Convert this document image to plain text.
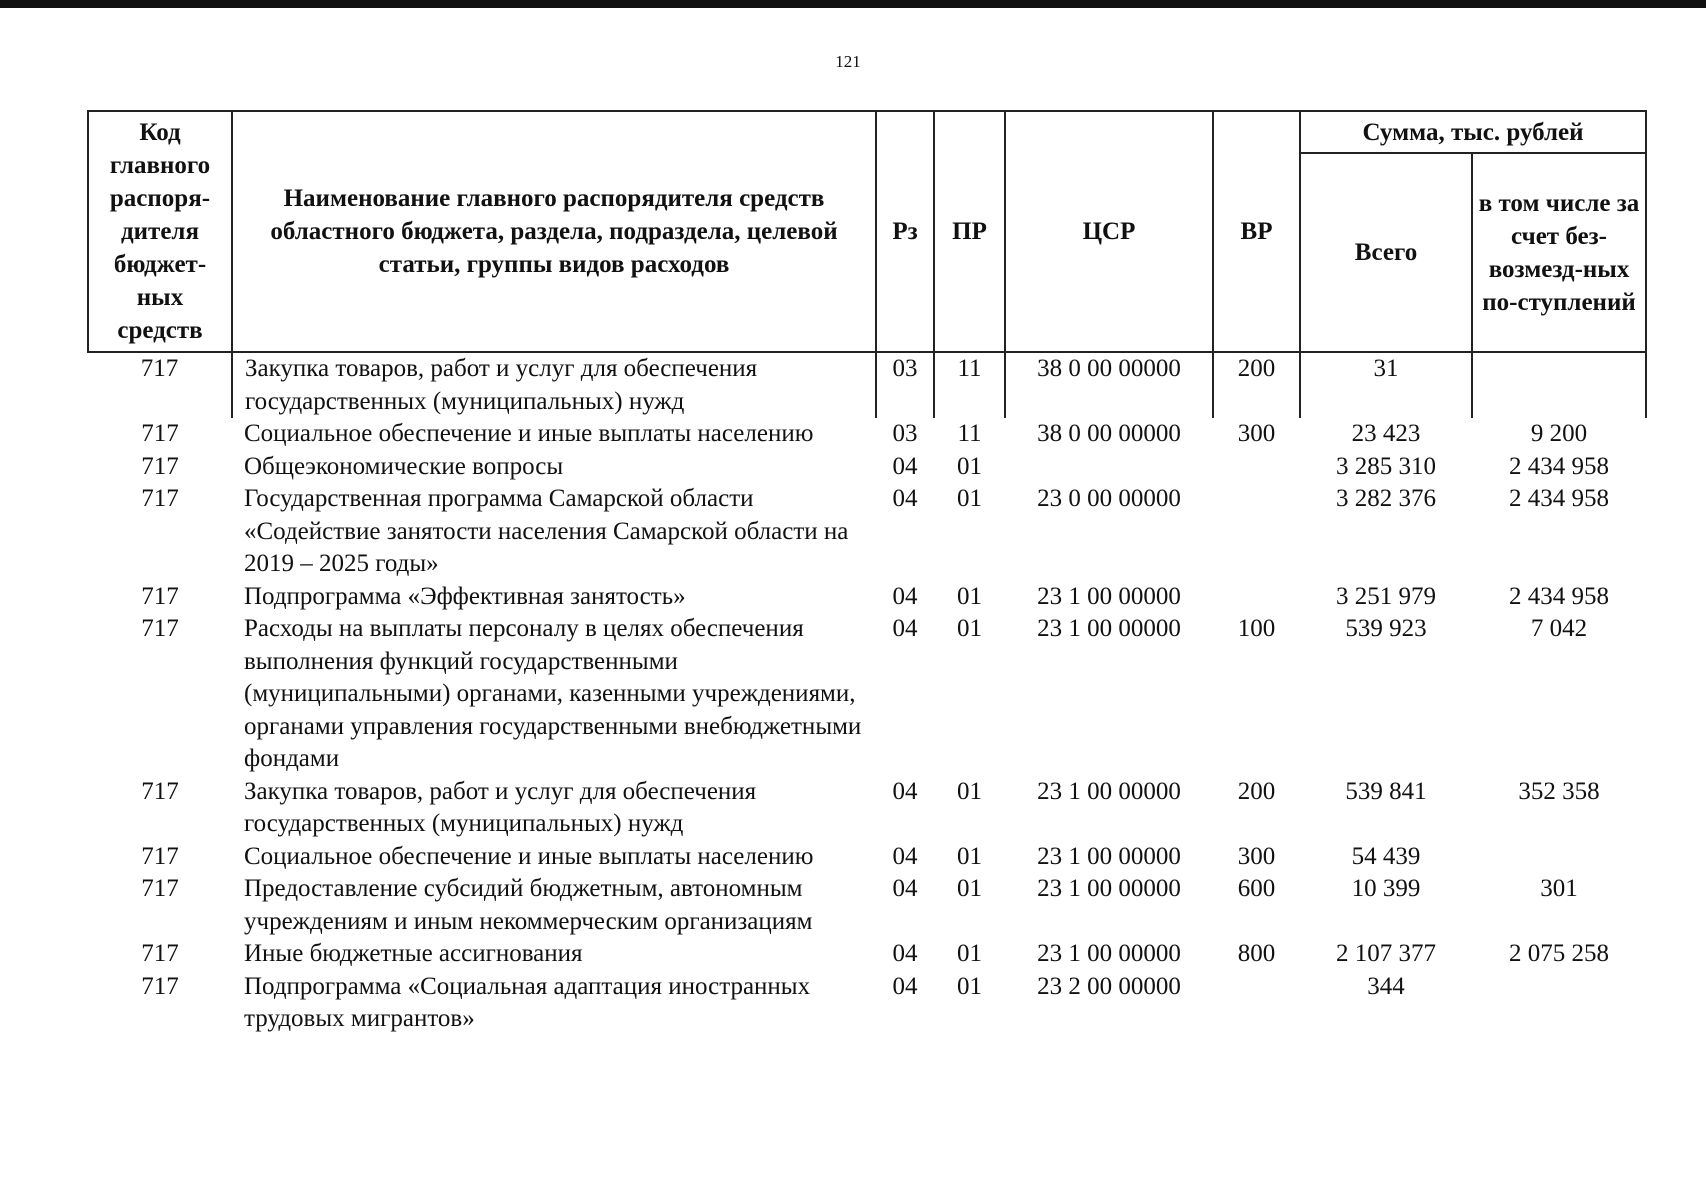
121
Код главного распоря-дителя бюджет-ных средств	Наименование главного распорядителя средств областного бюджета, раздела, подраздела, целевой статьи, группы видов расходов	Рз	ПР	ЦСР	ВР	Сумма, тыс. рублей	
						Всего	в том числе за счет без-возмезд-ных по-ступлений
717	Закупка товаров, работ и услуг для обеспечения государственных (муниципальных) нужд	03	11	38 0 00 00000	200	31	
717	Социальное обеспечение и иные выплаты населению	03	11	38 0 00 00000	300	23 423	9 200
717	Общеэкономические вопросы	04	01			3 285 310	2 434 958
717	Государственная программа Самарской области «Содействие занятости населения Самарской области на 2019 – 2025 годы»	04	01	23 0 00 00000		3 282 376	2 434 958
717	Подпрограмма «Эффективная занятость»	04	01	23 1 00 00000		3 251 979	2 434 958
717	Расходы на выплаты персоналу в целях обеспечения выполнения функций государственными (муниципальными) органами, казенными учреждениями, органами управления государственными внебюджетными фондами	04	01	23 1 00 00000	100	539 923	7 042
717	Закупка товаров, работ и услуг для обеспечения государственных (муниципальных) нужд	04	01	23 1 00 00000	200	539 841	352 358
717	Социальное обеспечение и иные выплаты населению	04	01	23 1 00 00000	300	54 439	
717	Предоставление субсидий бюджетным, автономным учреждениям и иным некоммерческим организациям	04	01	23 1 00 00000	600	10 399	301
717	Иные бюджетные ассигнования	04	01	23 1 00 00000	800	2 107 377	2 075 258
717	Подпрограмма «Социальная адаптация иностранных трудовых мигрантов»	04	01	23 2 00 00000		344	
